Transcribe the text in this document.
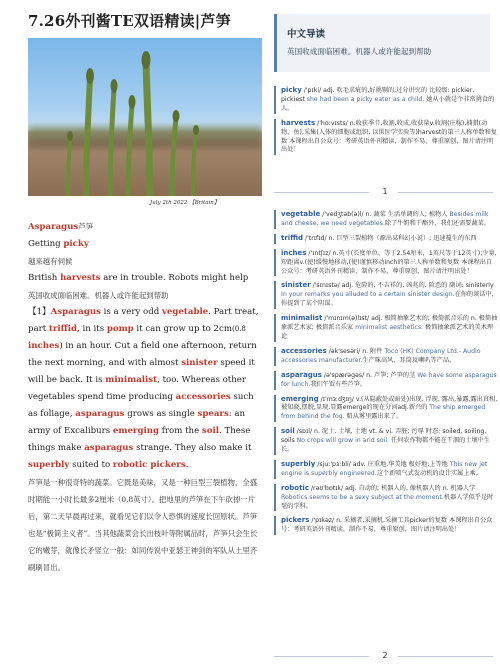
7.26外刊酱TE双语精读|芦笋
July 2th 2022 【Britain】

Asparagus芦笋

Getting picky

越来越有伺候

British harvests are in trouble. Robots might help

英国收成面临困难。机器人或许能起到帮助

【1】Asparagus is a very odd vegetable. Part treat, part triffid, in its pomp it can grow up to 2cm(0.8 inches) in an hour. Cut a field one afternoon, return the next morning, and with almost sinister speed it will be back. It is minimalist, too. Whereas other vegetables spend time producing accessories such as foliage, asparagus grows as single spears: an army of Excaliburs emerging from the soil. These things make asparagus strange. They also make it superbly suited to robotic pickers.

芦笋是一种很奇特的蔬菜。它既是美味，又是一种巨型三裂植物，全盛时期能一小时长最多2厘米（0.8英寸）。把地里的芦笋在下午砍掉一片后，第二天早晨再过来，就看见它们以令人恐惧的速度长回原状。芦笋也是“极简主义者”。当其他蔬菜会长出枝叶等附属品时，芦笋只会生长它的嫩芽，就像长矛竖立一般：如同传说中亚瑟王神剑的军队从土里齐刷刷冒出。

中文导读
英国收成面临困难。机器人或许能起到帮助
picky /'pɪki/ adj. 吹毛求疵的,好挑剔的,过分讲究的 比较级: pickier, pickiest she had been a picky eater as a child. 她从小就是个非常挑食的人。
harvests /'hɑːvɪsts/ n.收获季节,收割,收成,收获量v.收割(庄稼),捕猎(动物、鱼),采集(人体的细胞或组织, 以供医学实验等)harvest的第三人称单数和复数 本课程出自公众号：考研英语外刊精读，制作不易，尊重原创，图片请注明出处！
1
vegetable /'vedʒtəb(ə)l/ n. 蔬菜 生活单调的人; 植物人 Besides milk and cheese, we need vegetables.除了牛奶和干酪外，我们还需要蔬菜。
triffid /'trɪfɪd/ n. 巨型三裂植物（源出某科幻小说）; 迅速蔓生的东西
inches /'ɪntʃɪz/ n.英寸(长度单位，等于2.54厘米，1英尺等于12英寸);少量,短距离v.(使)缓慢地移动,(使)谨慎移动inch的第三人称单数和复数 本课程出自公众号：考研英语外刊精读，制作不易，尊重原创，图片请注明出处！
sinister /'sɪnɪstə/ adj. 危险的, 不吉祥的, 凶兆的, 险恶的 副词: sinisterly In your remarks you alluded to a certain sinister design.在你的谈话中,你提到了某个阴谋。
minimalist /'mɪnɪm(ə)lɪst/ adj. 极简抽象艺术的; 极简派音乐的 n. 极简抽象派艺术家; 极简派音乐家 minimalist aesthetics. 极简抽象派艺术的美术理论
accessories /ək'sesəri/ n. 附件 Toco (HK) Company Ltd.- Audio accessories manufacturer.生产咪高风、耳筒及喇叭等产品。
asparagus /ə'spærəgəs/ n. 芦笋; 芦笋的茎 We have some asparagus for lunch.我们午饭有些芦笋。
emerging /ɪ'mɜːdʒɪŋ/ v.(从隐蔽处或暗处)出现, 浮现, 露出,暴露,露出真相,被知晓,摆脱,显现,显露emerge的现在分词adj.新兴的 The ship emerged from behind the fog. 船从雾里露出来了。
soil /sɒɪl/ n. 泥土, 土壤, 土地 vt. & vi. 弄脏; 污辱 时态: soiled, soiling, soils No crops will grow in arid soil. 任何农作物都不能在干涸的土壤中生长。
superbly /sjuː'pɜːbli/ adv. 庄重地,华美地 极好地;上等地 This new jet engine is superbly engineered.这个新喷气式发动机的设计实属上乘。
robotic /rəʊ'bɒtɪk/ adj. 自动的; 机器人的, 像机器人的 n. 机器人学 Robotics seems to be a sexy subject at the moment.机器人学似乎是时髦的学科。
pickers /'pɪkəz/ n. 采摘者,采摘机,采摘工具picker的复数 本课程出自公众号：考研英语外刊精读，制作不易，尊重原创，图片请注明出处！
2
